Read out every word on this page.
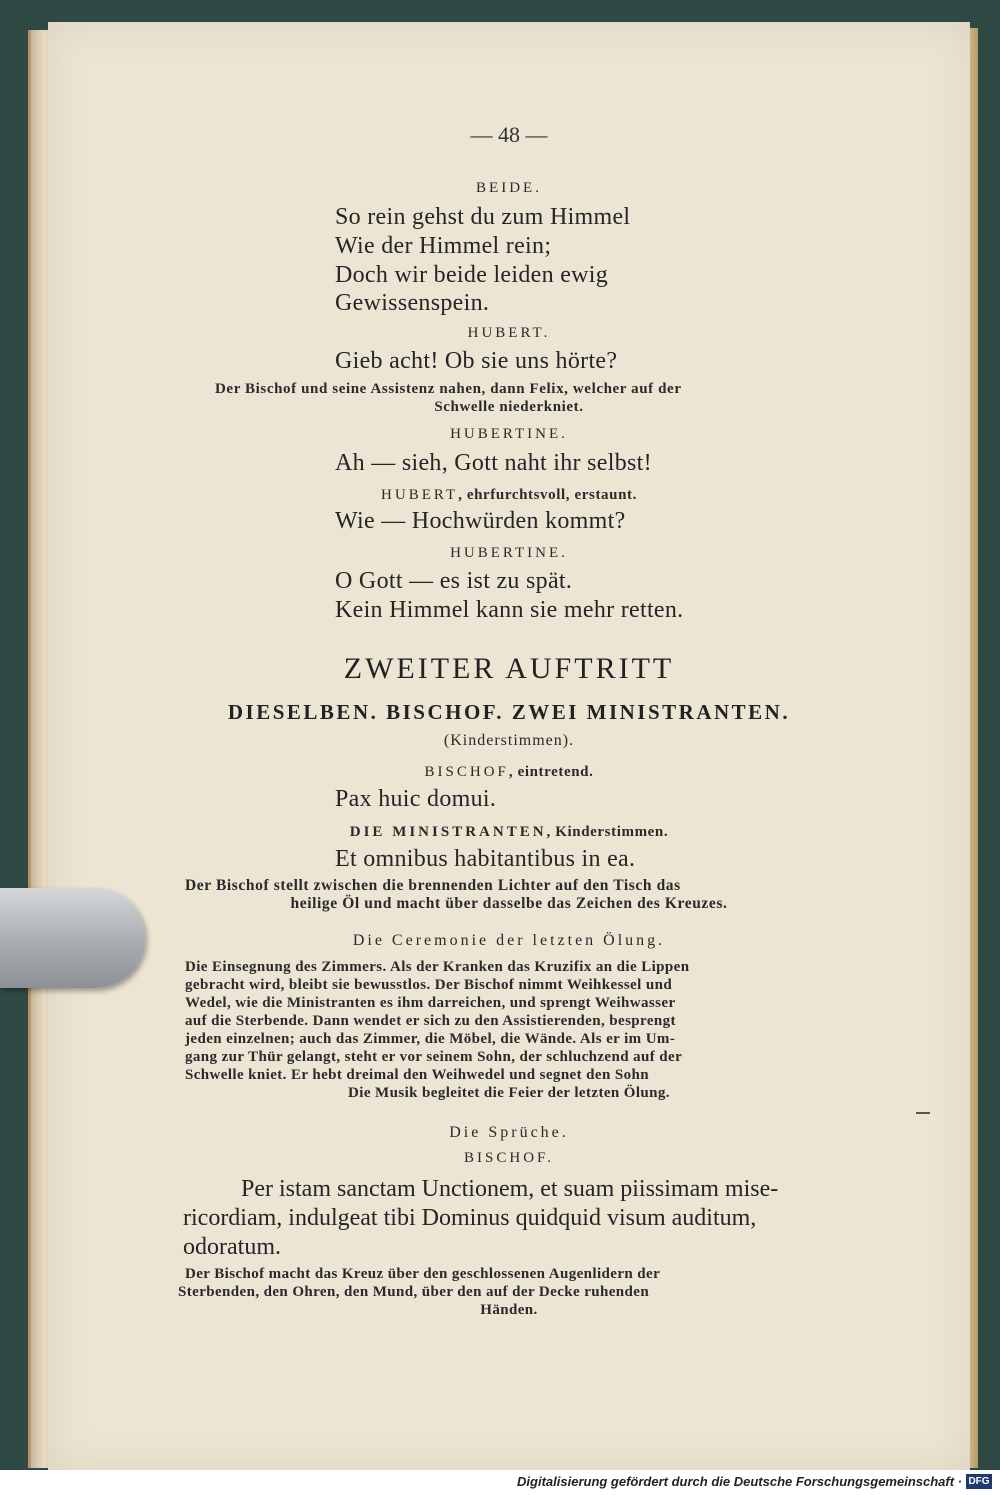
— 48 —
BEIDE.
So rein gehst du zum Himmel
Wie der Himmel rein;
Doch wir beide leiden ewig
Gewissenspein.
HUBERT.
Gieb acht! Ob sie uns hörte?
Der Bischof und seine Assistenz nahen, dann Felix, welcher auf der
Schwelle niederkniet.
HUBERTINE.
Ah — sieh, Gott naht ihr selbst!
HUBERT, ehrfurchtsvoll, erstaunt.
Wie — Hochwürden kommt?
HUBERTINE.
O Gott — es ist zu spät.
Kein Himmel kann sie mehr retten.
ZWEITER AUFTRITT
DIESELBEN. BISCHOF. ZWEI MINISTRANTEN.
(Kinderstimmen).
BISCHOF, eintretend.
Pax huic domui.
DIE MINISTRANTEN, Kinderstimmen.
Et omnibus habitantibus in ea.
Der Bischof stellt zwischen die brennenden Lichter auf den Tisch das
heilige Öl und macht über dasselbe das Zeichen des Kreuzes.
Die Ceremonie der letzten Ölung.
Die Einsegnung des Zimmers. Als der Kranken das Kruzifix an die Lippen
gebracht wird, bleibt sie bewusstlos. Der Bischof nimmt Weihkessel und
Wedel, wie die Ministranten es ihm darreichen, und sprengt Weihwasser
auf die Sterbende. Dann wendet er sich zu den Assistierenden, besprengt
jeden einzelnen; auch das Zimmer, die Möbel, die Wände. Als er im Um-
gang zur Thür gelangt, steht er vor seinem Sohn, der schluchzend auf der
Schwelle kniet. Er hebt dreimal den Weihwedel und segnet den Sohn
Die Musik begleitet die Feier der letzten Ölung.
Die Sprüche.
BISCHOF.
Per istam sanctam Unctionem, et suam piissimam mise-
ricordiam, indulgeat tibi Dominus quidquid visum auditum,
odoratum.
Der Bischof macht das Kreuz über den geschlossenen Augenlidern der
Sterbenden, den Ohren, den Mund, über den auf der Decke ruhenden
Händen.
Digitalisierung gefördert durch die Deutsche Forschungsgemeinschaft · DFG
